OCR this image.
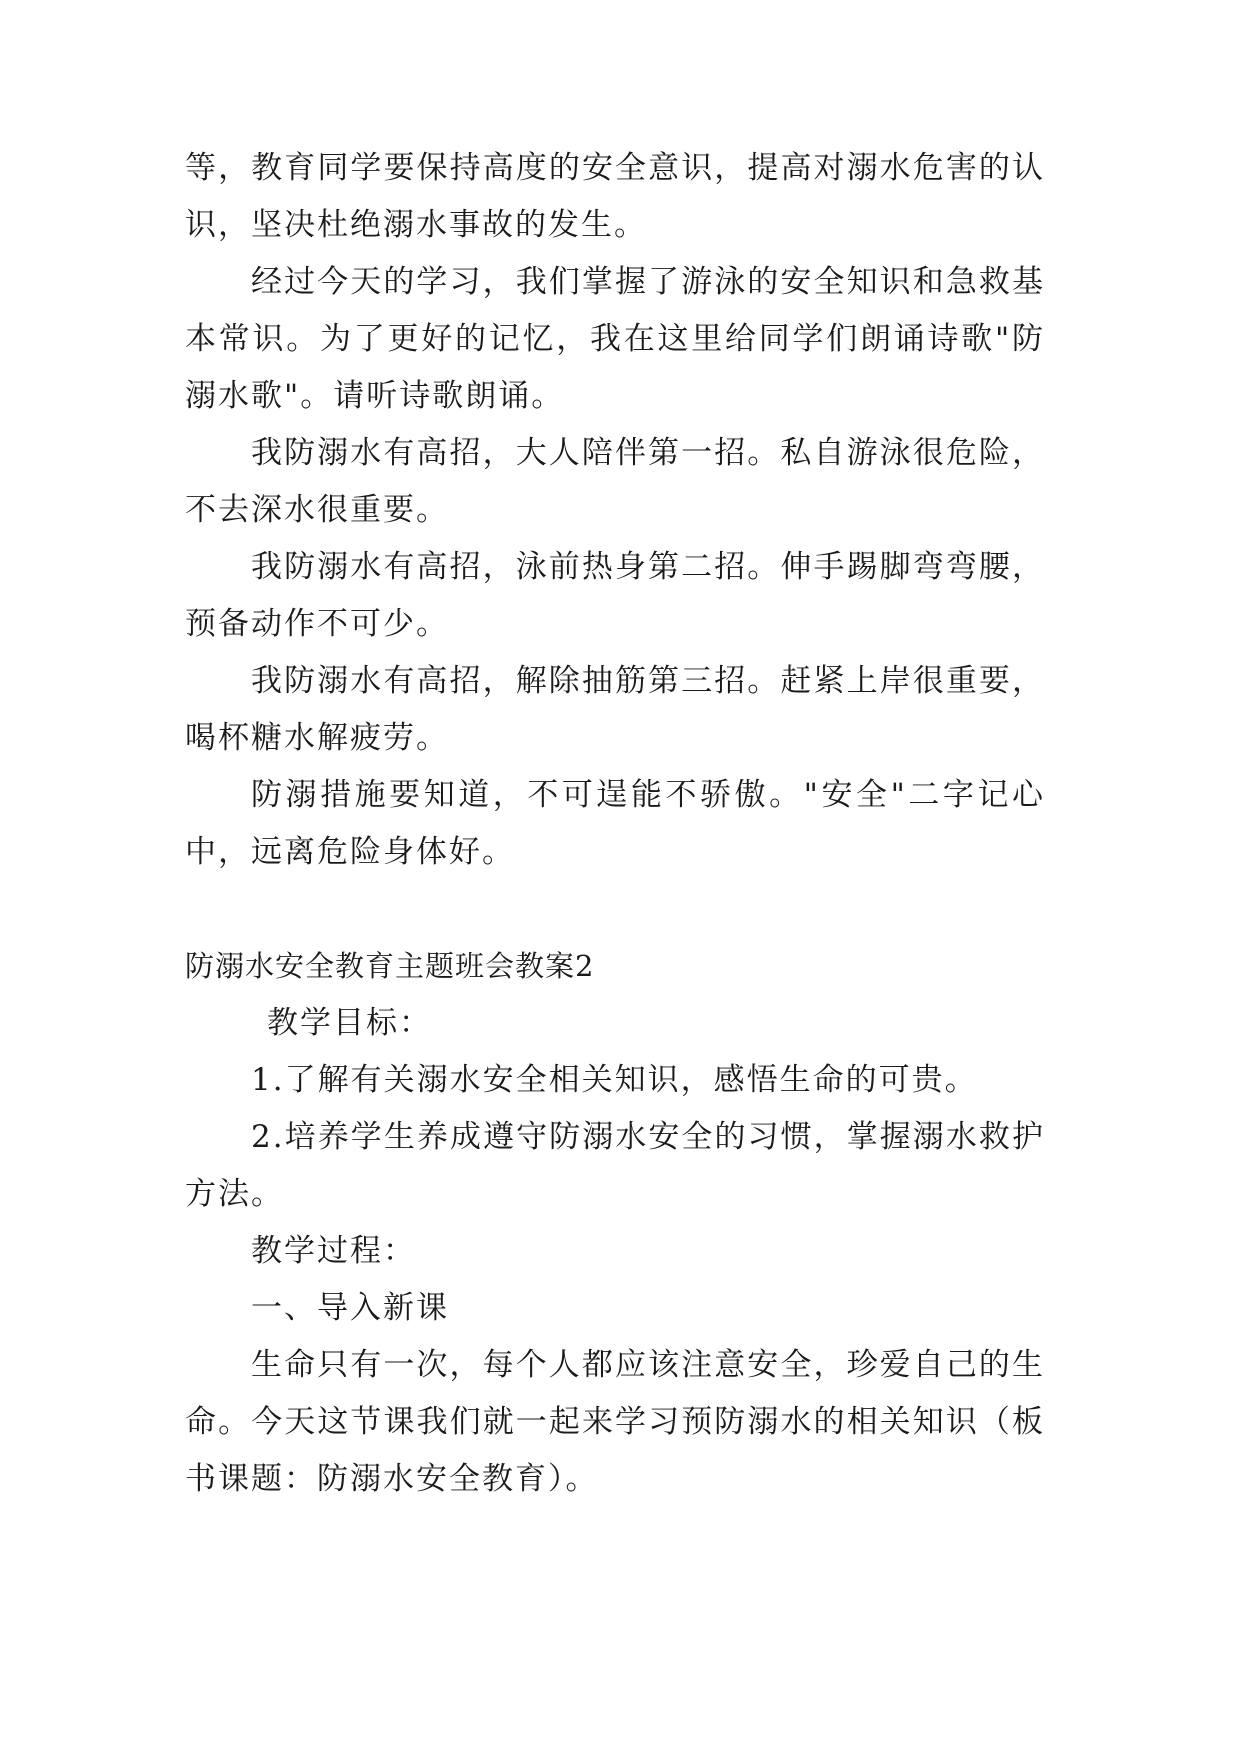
等，教育同学要保持高度的安全意识，提高对溺水危害的认识，坚决杜绝溺水事故的发生。

经过今天的学习，我们掌握了游泳的安全知识和急救基本常识。为了更好的记忆，我在这里给同学们朗诵诗歌"防溺水歌"。请听诗歌朗诵。

我防溺水有高招，大人陪伴第一招。私自游泳很危险，不去深水很重要。

我防溺水有高招，泳前热身第二招。伸手踢脚弯弯腰，预备动作不可少。

我防溺水有高招，解除抽筋第三招。赶紧上岸很重要，喝杯糖水解疲劳。

防溺措施要知道，不可逞能不骄傲。"安全"二字记心中，远离危险身体好。

防溺水安全教育主题班会教案2

教学目标：

1.了解有关溺水安全相关知识，感悟生命的可贵。

2.培养学生养成遵守防溺水安全的习惯，掌握溺水救护方法。

教学过程：

一、导入新课

生命只有一次，每个人都应该注意安全，珍爱自己的生命。今天这节课我们就一起来学习预防溺水的相关知识（板书课题：防溺水安全教育）。
